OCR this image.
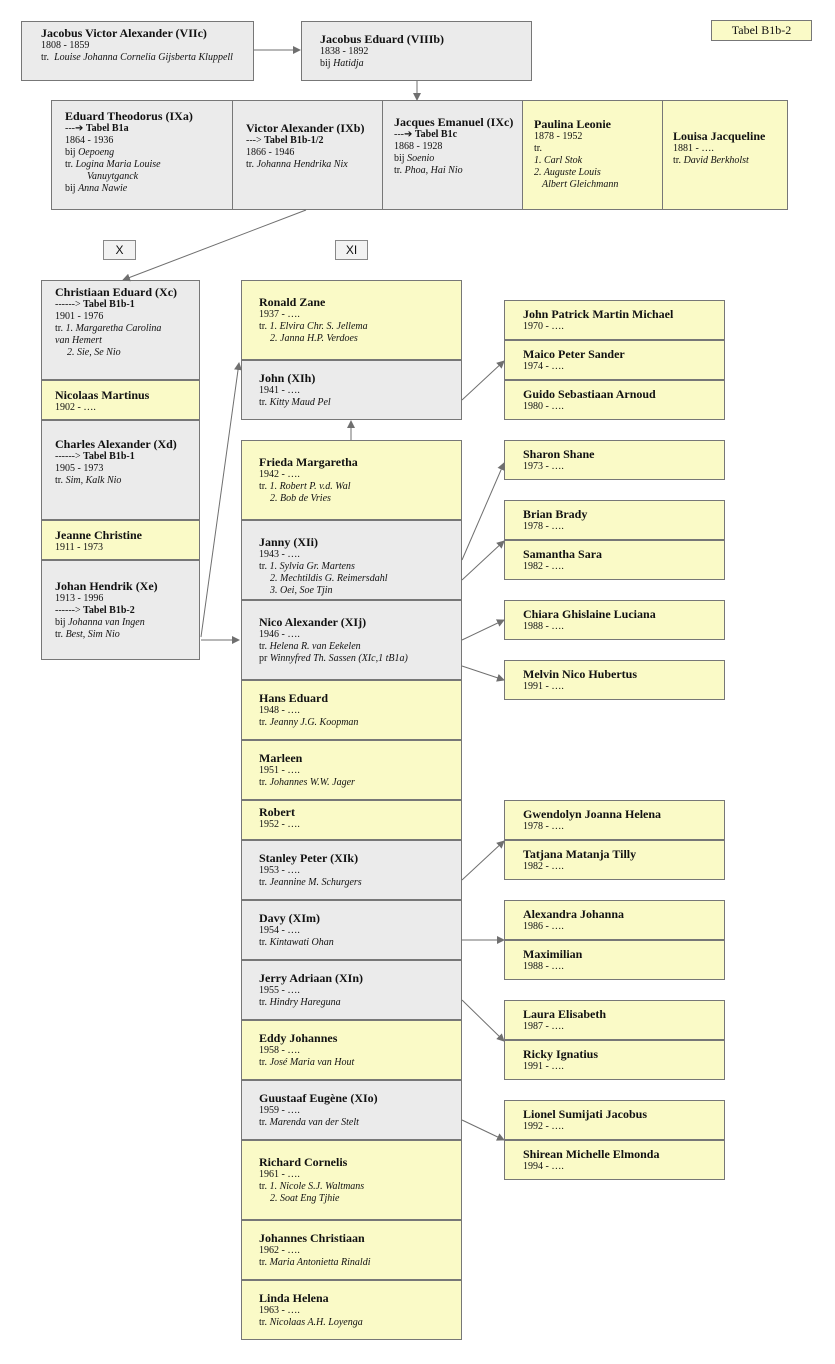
Tabel B1b-2
Jacobus Victor Alexander (VIIc)
1808 - 1859
tr. Louise Johanna Cornelia Gijsberta Kluppell
Jacobus Eduard (VIIIb)
1838 - 1892
bij Hatidja
Eduard Theodorus (IXa)
---➔ Tabel B1a
1864 - 1936
bij Oepoeng
tr. Logina Maria Louise
Vanuytganck
bij Anna Nawie
Victor Alexander (IXb)
---> Tabel B1b-1/2
1866 - 1946
tr. Johanna Hendrika Nix
Jacques Emanuel (IXc)
---➔ Tabel B1c
1868 - 1928
bij Soenio
tr. Phoa, Hai Nio
Paulina Leonie
1878 - 1952
tr.
1. Carl Stok
2. Auguste Louis
Albert Gleichmann
Louisa Jacqueline
1881 - ….
tr. David Berkholst
X	XI
Christiaan Eduard (Xc)
------> Tabel B1b-1
1901 - 1976
tr. 1. Margaretha Carolina
van Hemert
2. Sie, Se Nio
Nicolaas Martinus
1902 - ….
Charles Alexander (Xd)
------> Tabel B1b-1
1905 - 1973
tr. Sim, Kalk Nio
Jeanne Christine
1911 - 1973
Johan Hendrik (Xe)
1913 - 1996
------> Tabel B1b-2
bij Johanna van Ingen
tr. Best, Sim Nio
Ronald Zane
1937 - ….
tr. 1. Elvira Chr. S. Jellema
2. Janna H.P. Verdoes
John (XIh)
1941 - ….
tr. Kitty Maud Pel
Frieda Margaretha
1942 - ….
tr. 1. Robert P. v.d. Wal
2. Bob de Vries
Janny (XIi)
1943 - ….
tr. 1. Sylvia Gr. Martens
2. Mechtildis G. Reimersdahl
3. Oei, Soe Tjin
Nico Alexander (XIj)
1946 - ….
tr. Helena R. van Eekelen
pr Winnyfred Th. Sassen (XIc,1 tB1a)
Hans Eduard
1948 - ….
tr. Jeanny J.G. Koopman
Marleen
1951 - ….
tr. Johannes W.W. Jager
Robert
1952 - ….
Stanley Peter (XIk)
1953 - ….
tr. Jeannine M. Schurgers
Davy (XIm)
1954 - ….
tr. Kintawati Ohan
Jerry Adriaan (XIn)
1955 - ….
tr. Hindry Hareguna
Eddy Johannes
1958 - ….
tr. José Maria van Hout
Guustaaf Eugène (XIo)
1959 - ….
tr. Marenda van der Stelt
Richard Cornelis
1961 - ….
tr. 1. Nicole S.J. Waltmans
2. Soat Eng Tjhie
Johannes Christiaan
1962 - ….
tr. Maria Antonietta Rinaldi
Linda Helena
1963 - ….
tr. Nicolaas A.H. Loyenga
John Patrick Martin Michael
1970 - ….
Maico Peter Sander
1974 - ….
Guido Sebastiaan Arnoud
1980 - ….
Sharon Shane
1973 - ….
Brian Brady
1978 - ….
Samantha Sara
1982 - ….
Chiara Ghislaine Luciana
1988 - ….
Melvin Nico Hubertus
1991 - ….
Gwendolyn Joanna Helena
1978 - ….
Tatjana Matanja Tilly
1982 - ….
Alexandra Johanna
1986 - ….
Maximilian
1988 - ….
Laura Elisabeth
1987 - ….
Ricky Ignatius
1991 - ….
Lionel Sumijati Jacobus
1992 - ….
Shirean Michelle Elmonda
1994 - ….
